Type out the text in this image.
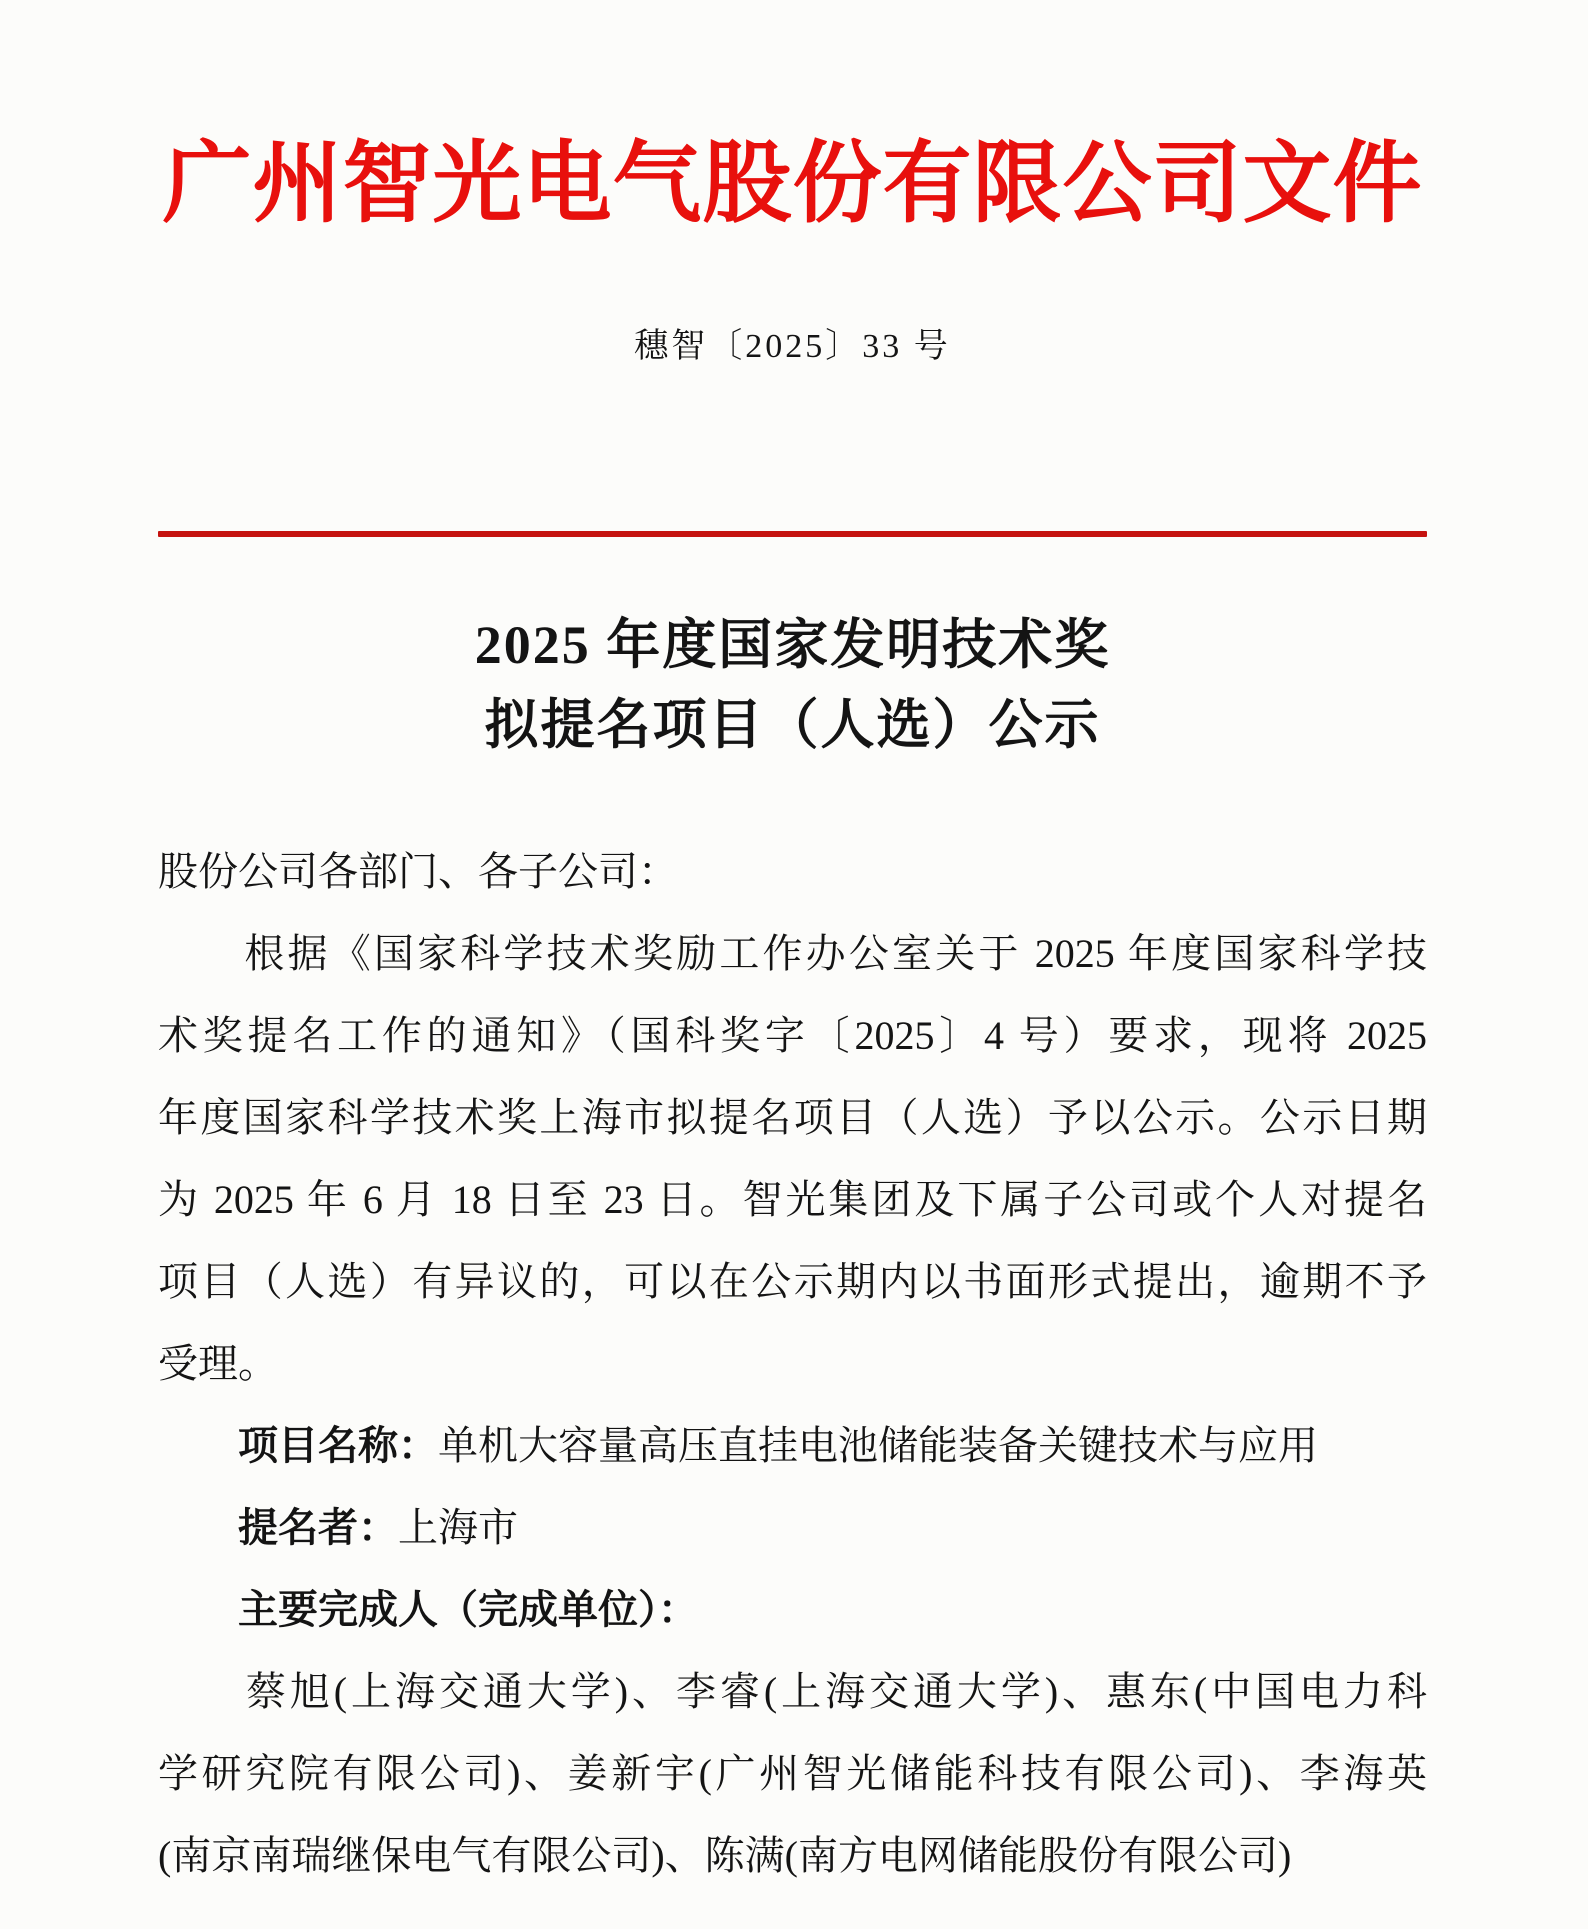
广州智光电气股份有限公司文件
穗智〔2025〕33 号
2025 年度国家发明技术奖
拟提名项目（人选）公示
股份公司各部门、各子公司：
　　根据《国家科学技术奖励工作办公室关于 2025 年度国家科学技
术奖提名工作的通知》（国科奖字〔2025〕4 号）要求，现将 2025
年度国家科学技术奖上海市拟提名项目（人选）予以公示。公示日期
为 2025 年 6 月 18 日至 23 日。智光集团及下属子公司或个人对提名
项目（人选）有异议的，可以在公示期内以书面形式提出，逾期不予
受理。
　　项目名称：单机大容量高压直挂电池储能装备关键技术与应用
　　提名者：上海市
　　主要完成人（完成单位）：
　　蔡旭(上海交通大学)、李睿(上海交通大学)、惠东(中国电力科
学研究院有限公司)、姜新宇(广州智光储能科技有限公司)、李海英
(南京南瑞继保电气有限公司)、陈满(南方电网储能股份有限公司)
